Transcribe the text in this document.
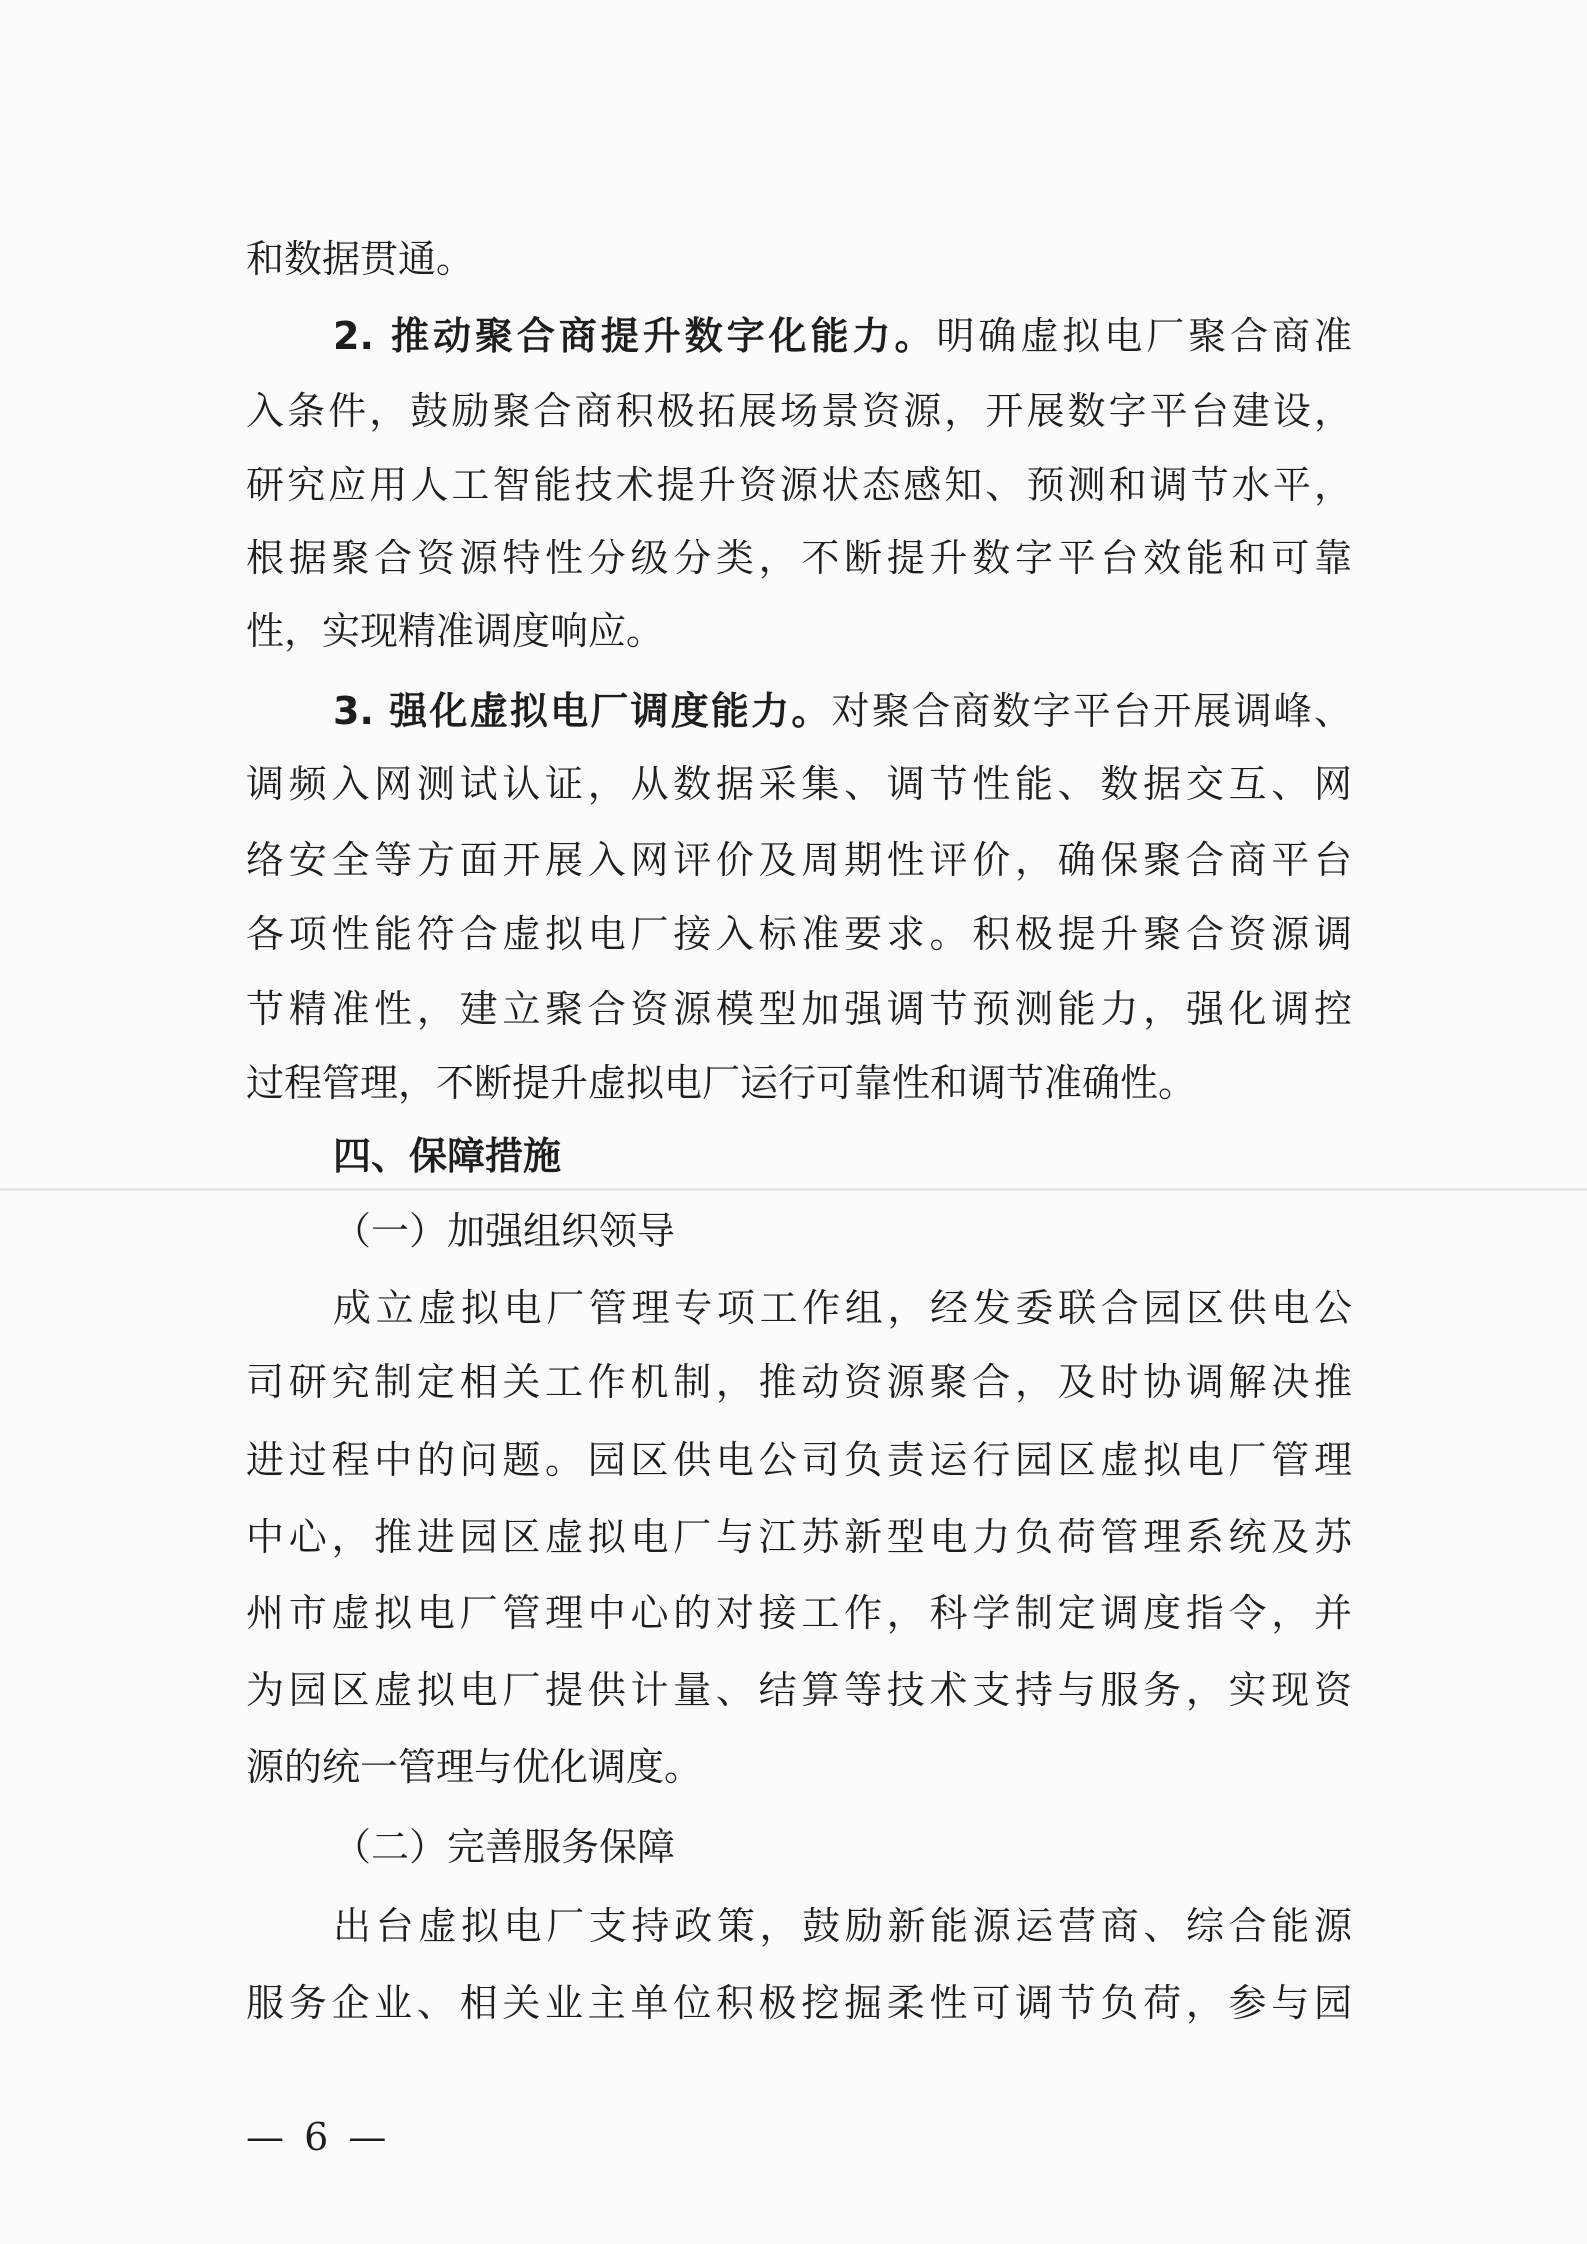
和数据贯通。
2. 推动聚合商提升数字化能力。明确虚拟电厂聚合商准
入条件，鼓励聚合商积极拓展场景资源，开展数字平台建设，
研究应用人工智能技术提升资源状态感知、预测和调节水平，
根据聚合资源特性分级分类，不断提升数字平台效能和可靠
性，实现精准调度响应。
3. 强化虚拟电厂调度能力。对聚合商数字平台开展调峰、
调频入网测试认证，从数据采集、调节性能、数据交互、网
络安全等方面开展入网评价及周期性评价，确保聚合商平台
各项性能符合虚拟电厂接入标准要求。积极提升聚合资源调
节精准性，建立聚合资源模型加强调节预测能力，强化调控
过程管理，不断提升虚拟电厂运行可靠性和调节准确性。
四、保障措施
（一）加强组织领导
成立虚拟电厂管理专项工作组，经发委联合园区供电公
司研究制定相关工作机制，推动资源聚合，及时协调解决推
进过程中的问题。园区供电公司负责运行园区虚拟电厂管理
中心，推进园区虚拟电厂与江苏新型电力负荷管理系统及苏
州市虚拟电厂管理中心的对接工作，科学制定调度指令，并
为园区虚拟电厂提供计量、结算等技术支持与服务，实现资
源的统一管理与优化调度。
（二）完善服务保障
出台虚拟电厂支持政策，鼓励新能源运营商、综合能源
服务企业、相关业主单位积极挖掘柔性可调节负荷，参与园
— 6 —
